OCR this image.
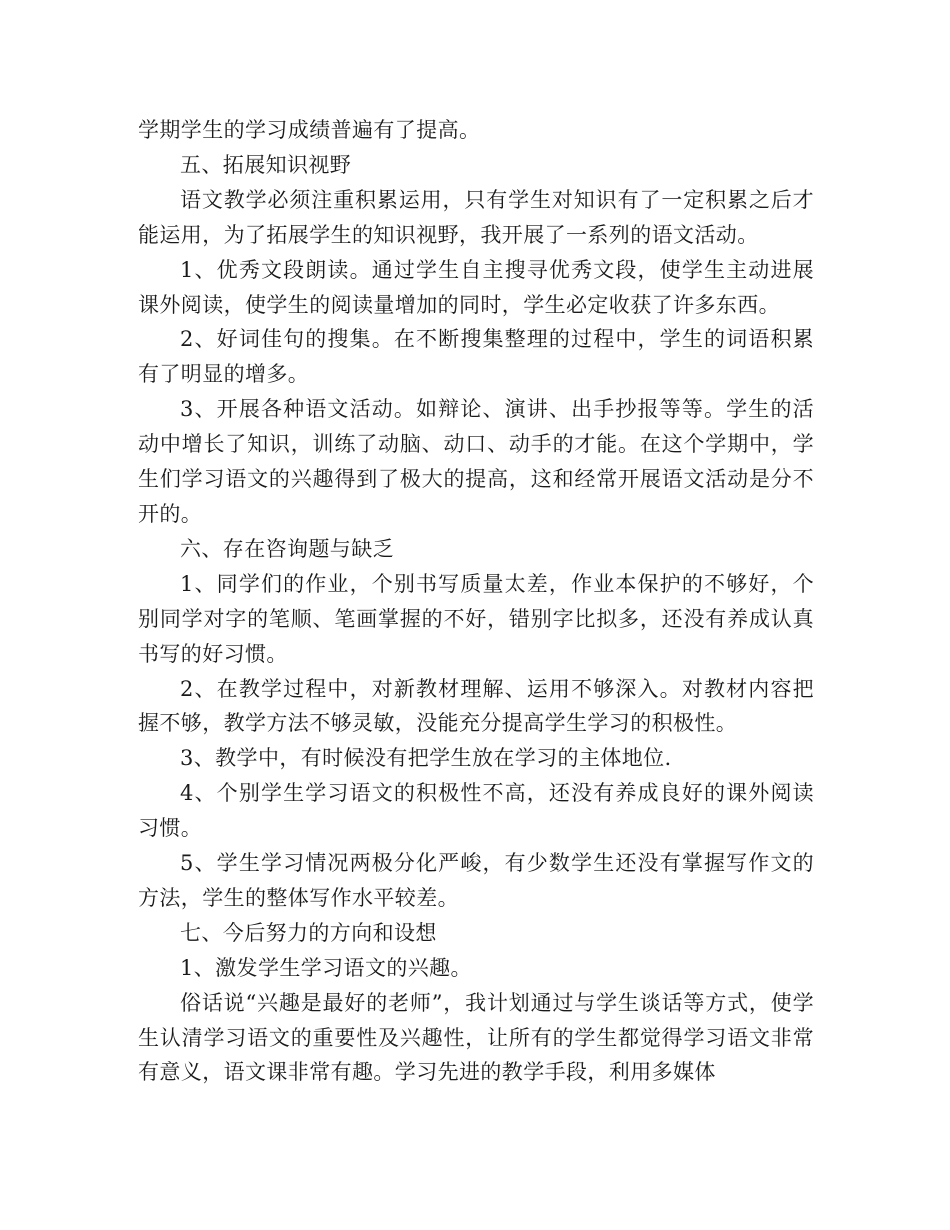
学期学生的学习成绩普遍有了提高。

五、拓展知识视野

语文教学必须注重积累运用，只有学生对知识有了一定积累之后才能运用，为了拓展学生的知识视野，我开展了一系列的语文活动。

1、优秀文段朗读。通过学生自主搜寻优秀文段，使学生主动进展课外阅读，使学生的阅读量增加的同时，学生必定收获了许多东西。

2、好词佳句的搜集。在不断搜集整理的过程中，学生的词语积累有了明显的增多。

3、开展各种语文活动。如辩论、演讲、出手抄报等等。学生的活动中增长了知识，训练了动脑、动口、动手的才能。在这个学期中，学生们学习语文的兴趣得到了极大的提高，这和经常开展语文活动是分不开的。

六、存在咨询题与缺乏

1、同学们的作业，个别书写质量太差，作业本保护的不够好，个别同学对字的笔顺、笔画掌握的不好，错别字比拟多，还没有养成认真书写的好习惯。

2、在教学过程中，对新教材理解、运用不够深入。对教材内容把握不够，教学方法不够灵敏，没能充分提高学生学习的积极性。

3、教学中，有时候没有把学生放在学习的主体地位.

4、个别学生学习语文的积极性不高，还没有养成良好的课外阅读习惯。

5、学生学习情况两极分化严峻，有少数学生还没有掌握写作文的方法，学生的整体写作水平较差。

七、今后努力的方向和设想

1、激发学生学习语文的兴趣。

俗话说“兴趣是最好的老师”，我计划通过与学生谈话等方式，使学生认清学习语文的重要性及兴趣性，让所有的学生都觉得学习语文非常有意义，语文课非常有趣。学习先进的教学手段，利用多媒体
